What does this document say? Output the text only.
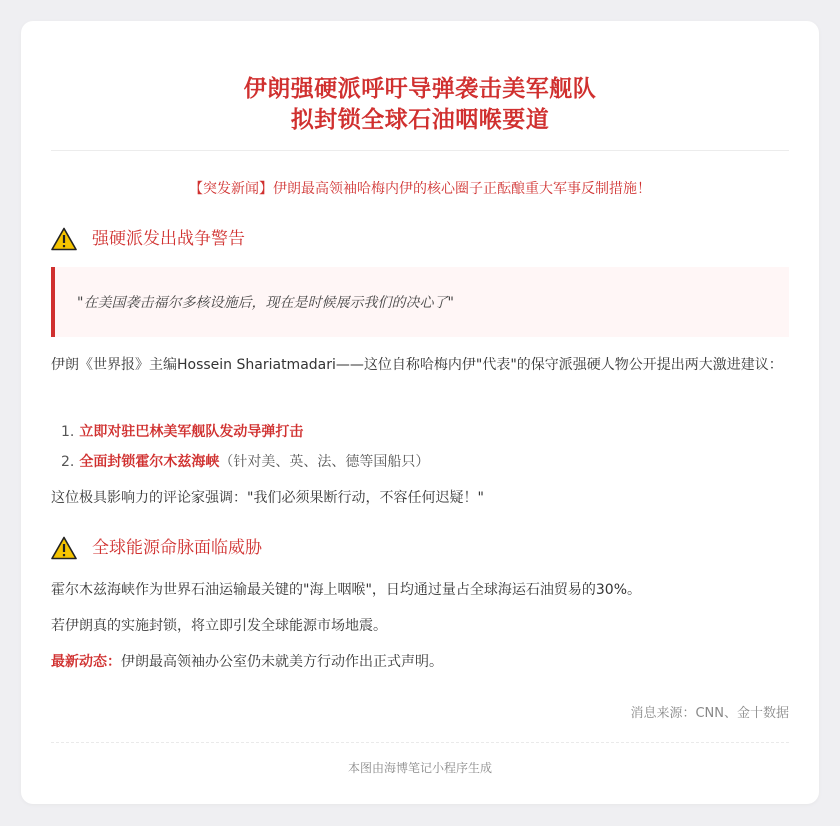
伊朗强硬派呼吁导弹袭击美军舰队
拟封锁全球石油咽喉要道
【突发新闻】伊朗最高领袖哈梅内伊的核心圈子正酝酿重大军事反制措施！
强硬派发出战争警告
"在美国袭击福尔多核设施后，现在是时候展示我们的决心了"
伊朗《世界报》主编Hossein Shariatmadari——这位自称哈梅内伊"代表"的保守派强硬人物公开提出两大激进建议：
1. 立即对驻巴林美军舰队发动导弹打击
2. 全面封锁霍尔木兹海峡（针对美、英、法、德等国船只）
这位极具影响力的评论家强调："我们必须果断行动，不容任何迟疑！"
全球能源命脉面临威胁
霍尔木兹海峡作为世界石油运输最关键的"海上咽喉"，日均通过量占全球海运石油贸易的30%。
若伊朗真的实施封锁，将立即引发全球能源市场地震。
最新动态：伊朗最高领袖办公室仍未就美方行动作出正式声明。
消息来源：CNN、金十数据
本图由海博笔记小程序生成
